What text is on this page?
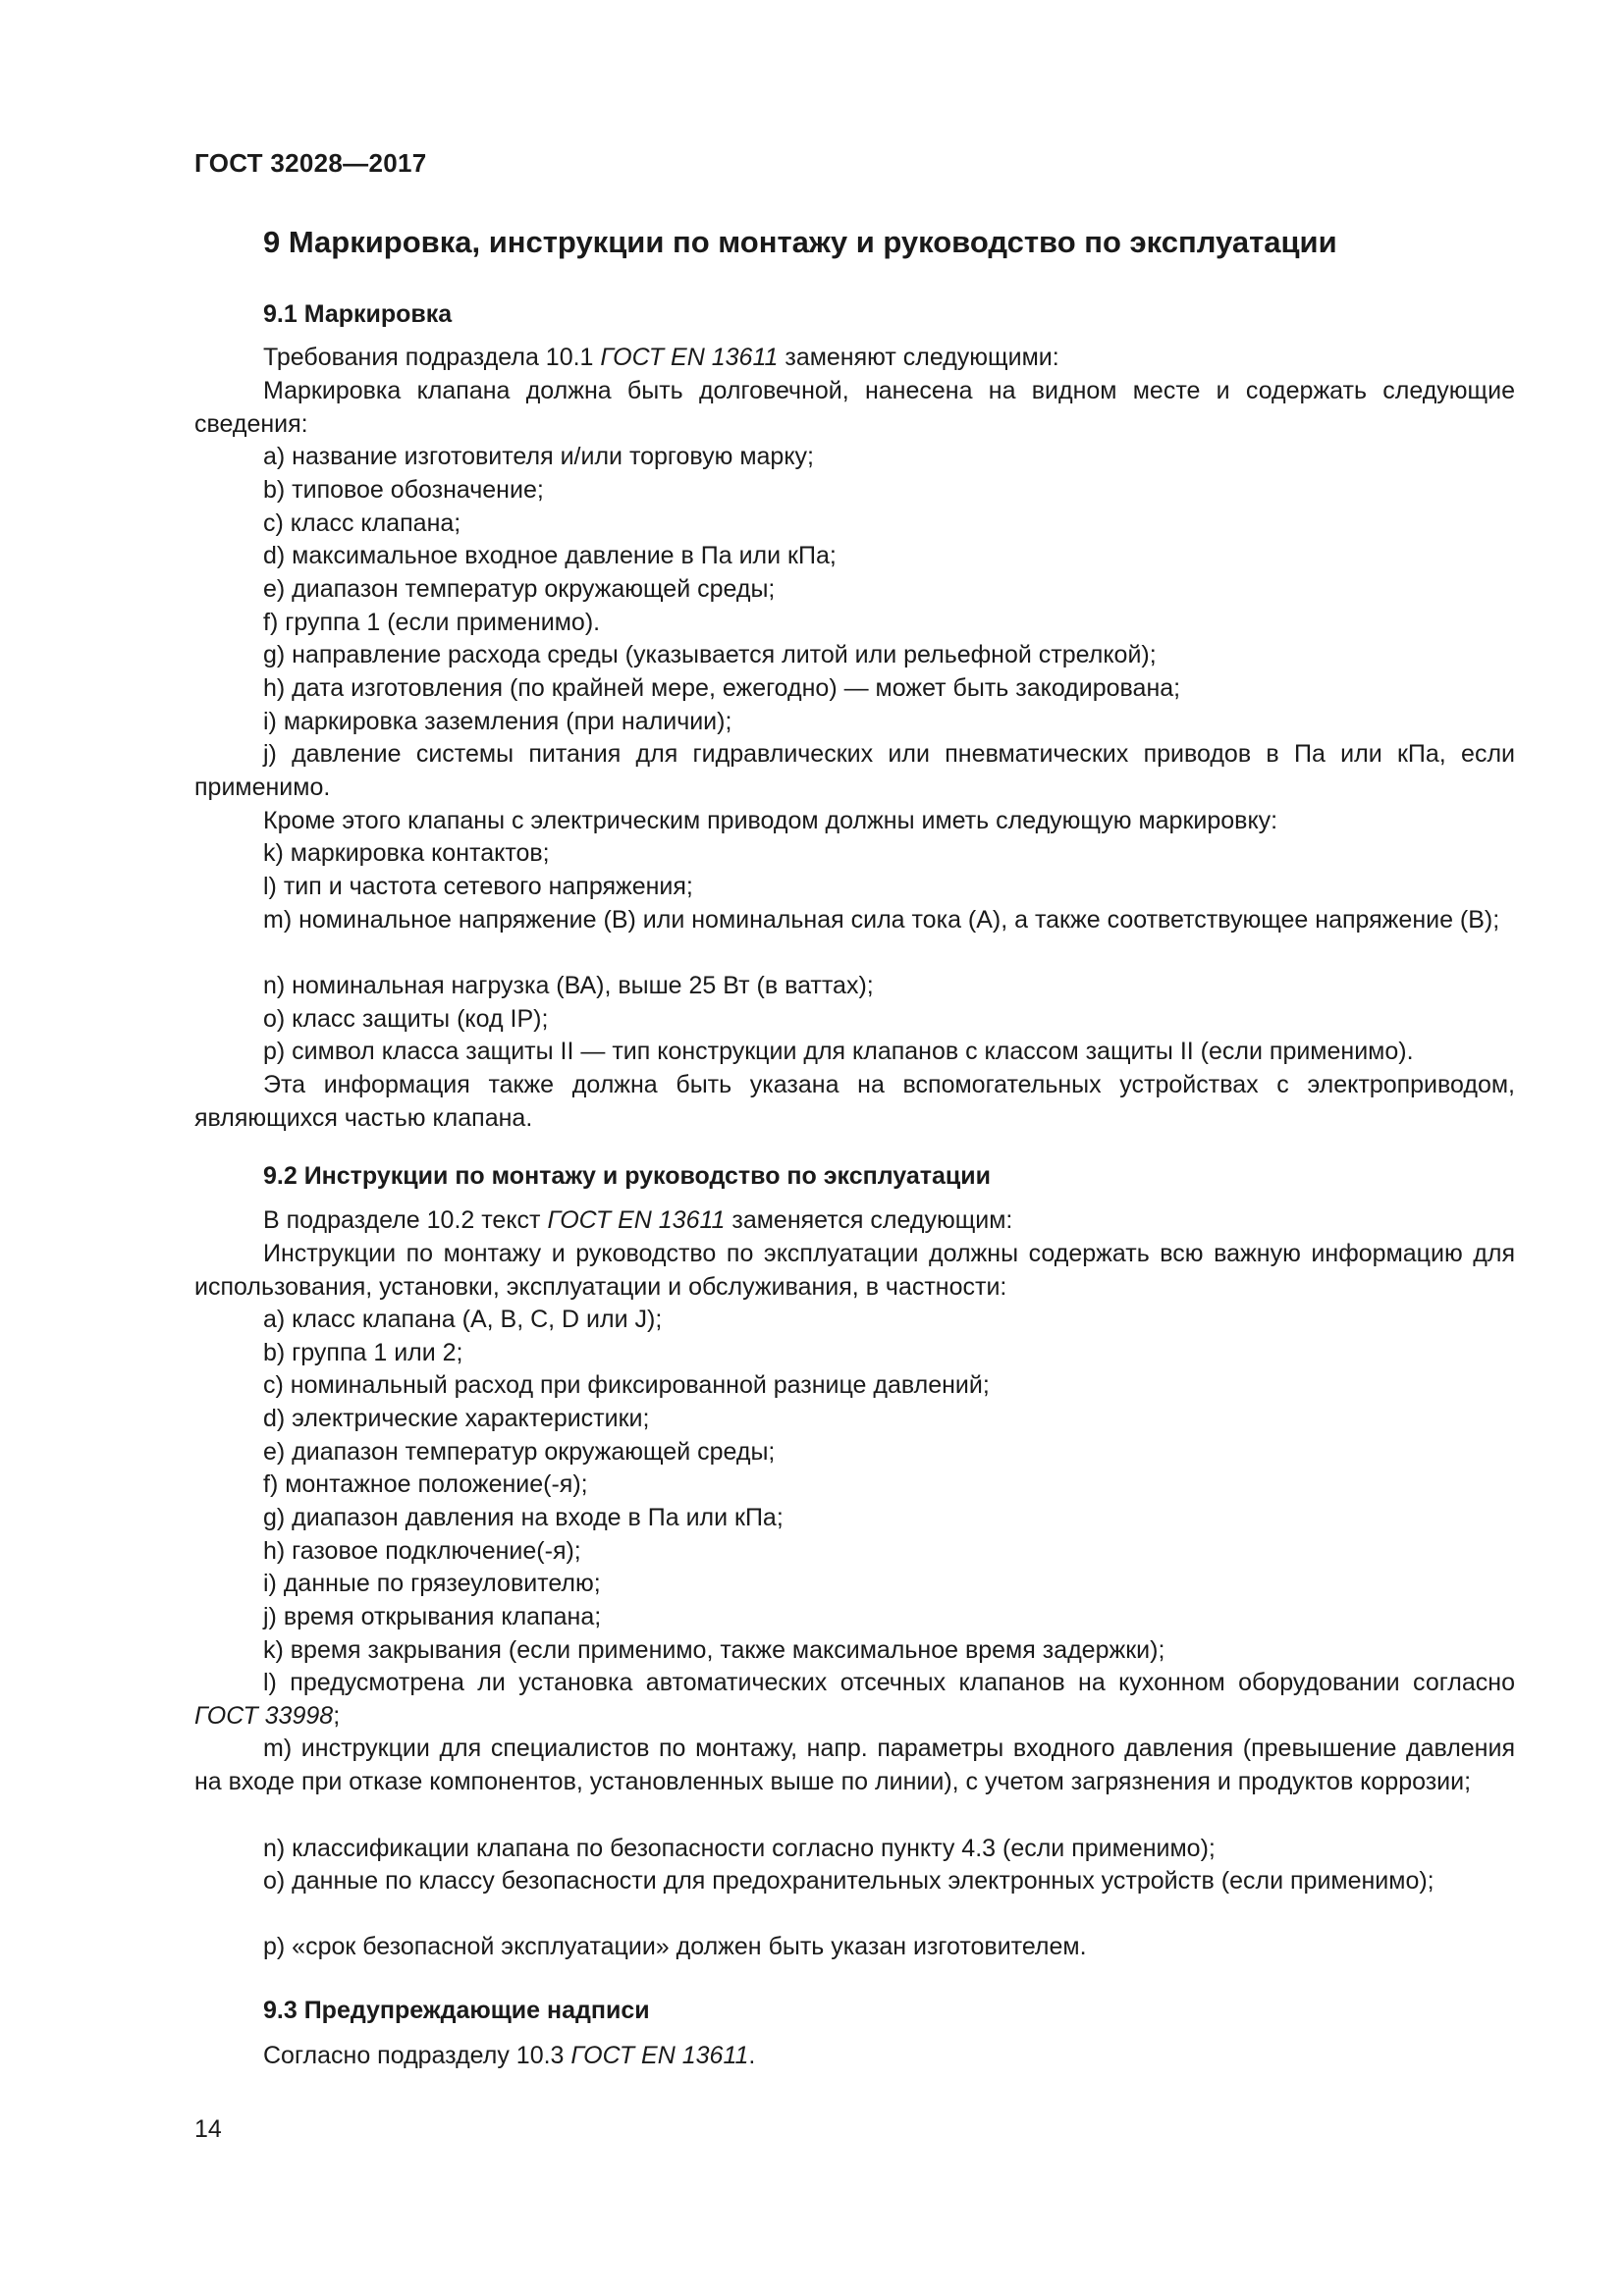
ГОСТ 32028—2017
9 Маркировка, инструкции по монтажу и руководство по эксплуатации
9.1 Маркировка

Требования подраздела 10.1 ГОСТ EN 13611 заменяют следующими:

Маркировка клапана должна быть долговечной, нанесена на видном месте и содержать следующие сведения:

а) название изготовителя и/или торговую марку;

b) типовое обозначение;

c) класс клапана;

d) максимальное входное давление в Па или кПа;

e) диапазон температур окружающей среды;

f) группа 1 (если применимо).

g) направление расхода среды (указывается литой или рельефной стрелкой);

h) дата изготовления (по крайней мере, ежегодно) — может быть закодирована;

i) маркировка заземления (при наличии);

j) давление системы питания для гидравлических или пневматических приводов в Па или кПа, если применимо.

Кроме этого клапаны с электрическим приводом должны иметь следующую маркировку:

k) маркировка контактов;

l) тип и частота сетевого напряжения;

m) номинальное напряжение (В) или номинальная сила тока (А), а также соответствующее напряжение (В);

n) номинальная нагрузка (ВА), выше 25 Вт (в ваттах);

o) класс защиты (код IP);

p) символ класса защиты II — тип конструкции для клапанов с классом защиты II (если применимо).

Эта информация также должна быть указана на вспомогательных устройствах с электроприводом, являющихся частью клапана.

9.2 Инструкции по монтажу и руководство по эксплуатации

В подразделе 10.2 текст ГОСТ EN 13611 заменяется следующим:

Инструкции по монтажу и руководство по эксплуатации должны содержать всю важную информацию для использования, установки, эксплуатации и обслуживания, в частности:

а) класс клапана (А, В, С, D или J);

b) группа 1 или 2;

c) номинальный расход при фиксированной разнице давлений;

d) электрические характеристики;

e) диапазон температур окружающей среды;

f) монтажное положение(-я);

g) диапазон давления на входе в Па или кПа;

h) газовое подключение(-я);

i) данные по грязеуловителю;

j) время открывания клапана;

k) время закрывания (если применимо, также максимальное время задержки);

l) предусмотрена ли установка автоматических отсечных клапанов на кухонном оборудовании согласно ГОСТ 33998;

m) инструкции для специалистов по монтажу, напр. параметры входного давления (превышение давления на входе при отказе компонентов, установленных выше по линии), с учетом загрязнения и продуктов коррозии;

n) классификации клапана по безопасности согласно пункту 4.3 (если применимо);

o) данные по классу безопасности для предохранительных электронных устройств (если применимо);

p) «срок безопасной эксплуатации» должен быть указан изготовителем.

9.3 Предупреждающие надписи

Согласно подразделу 10.3 ГОСТ EN 13611.

14
